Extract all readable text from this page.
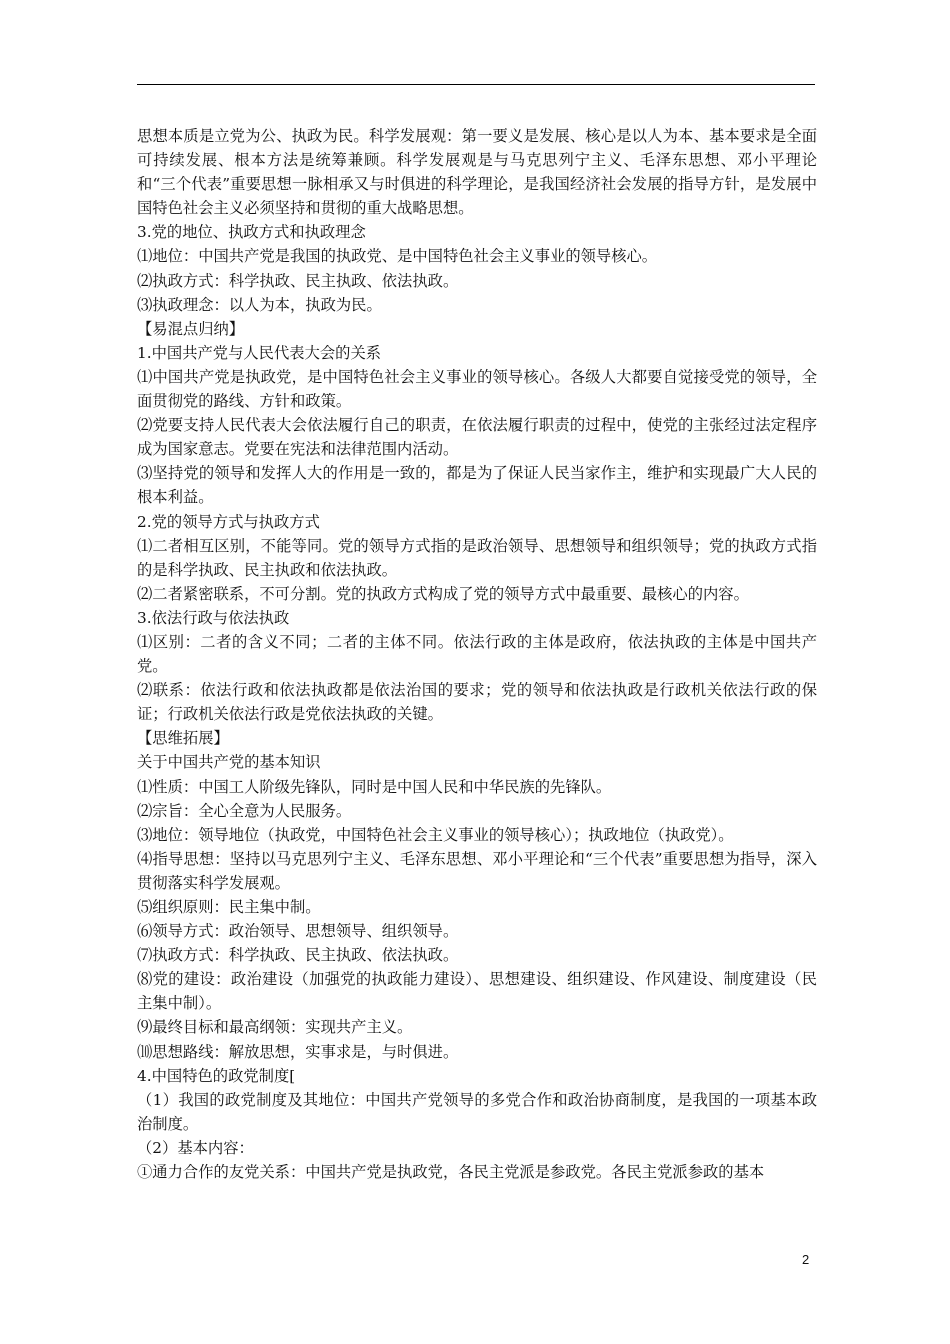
思想本质是立党为公、执政为民。科学发展观：第一要义是发展、核心是以人为本、基本要求是全面可持续发展、根本方法是统筹兼顾。科学发展观是与马克思列宁主义、毛泽东思想、邓小平理论和“三个代表”重要思想一脉相承又与时俱进的科学理论，是我国经济社会发展的指导方针，是发展中国特色社会主义必须坚持和贯彻的重大战略思想。

3.党的地位、执政方式和执政理念

⑴地位：中国共产党是我国的执政党、是中国特色社会主义事业的领导核心。

⑵执政方式：科学执政、民主执政、依法执政。

⑶执政理念：以人为本，执政为民。

【易混点归纳】

1.中国共产党与人民代表大会的关系

⑴中国共产党是执政党，是中国特色社会主义事业的领导核心。各级人大都要自觉接受党的领导，全面贯彻党的路线、方针和政策。

⑵党要支持人民代表大会依法履行自己的职责，在依法履行职责的过程中，使党的主张经过法定程序成为国家意志。党要在宪法和法律范围内活动。

⑶坚持党的领导和发挥人大的作用是一致的，都是为了保证人民当家作主，维护和实现最广大人民的根本利益。

2.党的领导方式与执政方式

⑴二者相互区别，不能等同。党的领导方式指的是政治领导、思想领导和组织领导；党的执政方式指的是科学执政、民主执政和依法执政。

⑵二者紧密联系，不可分割。党的执政方式构成了党的领导方式中最重要、最核心的内容。

3.依法行政与依法执政

⑴区别：二者的含义不同；二者的主体不同。依法行政的主体是政府，依法执政的主体是中国共产党。

⑵联系：依法行政和依法执政都是依法治国的要求；党的领导和依法执政是行政机关依法行政的保证；行政机关依法行政是党依法执政的关键。

【思维拓展】

关于中国共产党的基本知识

⑴性质：中国工人阶级先锋队，同时是中国人民和中华民族的先锋队。

⑵宗旨：全心全意为人民服务。

⑶地位：领导地位（执政党，中国特色社会主义事业的领导核心）；执政地位（执政党）。

⑷指导思想：坚持以马克思列宁主义、毛泽东思想、邓小平理论和“三个代表”重要思想为指导，深入贯彻落实科学发展观。

⑸组织原则：民主集中制。

⑹领导方式：政治领导、思想领导、组织领导。

⑺执政方式：科学执政、民主执政、依法执政。

⑻党的建设：政治建设（加强党的执政能力建设）、思想建设、组织建设、作风建设、制度建设（民主集中制）。

⑼最终目标和最高纲领：实现共产主义。

⑽思想路线：解放思想，实事求是，与时俱进。

4.中国特色的政党制度[

（1）我国的政党制度及其地位：中国共产党领导的多党合作和政治协商制度，是我国的一项基本政治制度。

（2）基本内容：

①通力合作的友党关系：中国共产党是执政党，各民主党派是参政党。各民主党派参政的基本

2
